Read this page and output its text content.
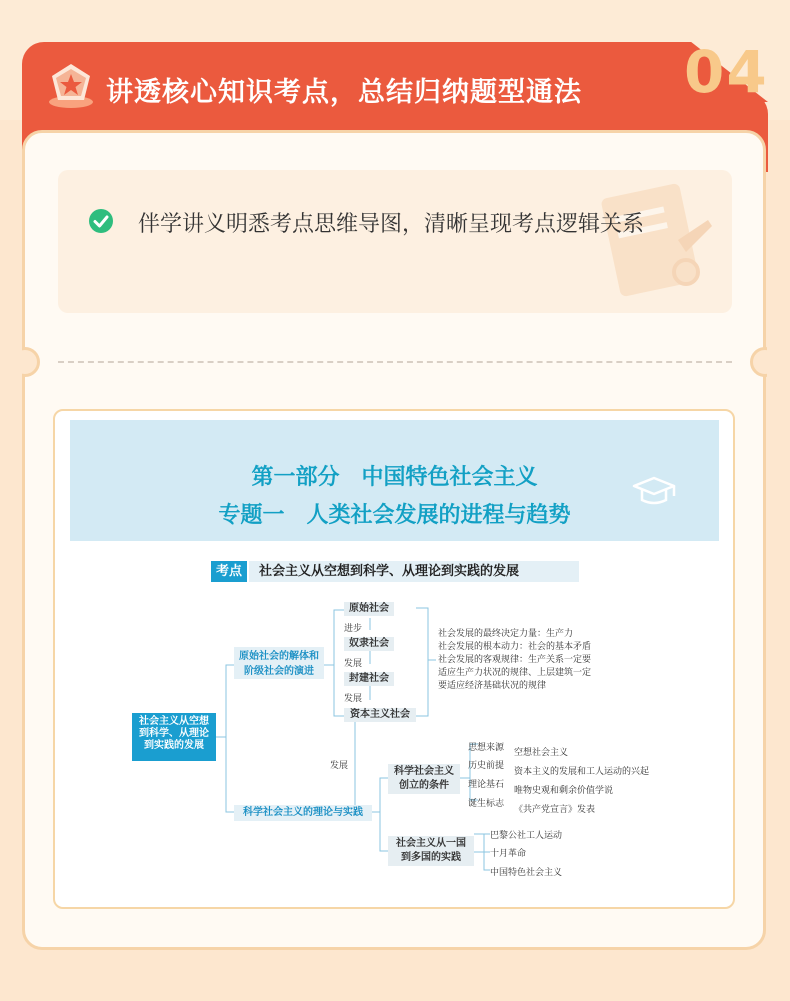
04
讲透核心知识考点，总结归纳题型通法
伴学讲义明悉考点思维导图，清晰呈现考点逻辑关系
第一部分　中国特色社会主义
专题一　人类社会发展的进程与趋势
考点	社会主义从空想到科学、从理论到实践的发展
社会主义从空想
到科学、从理论
到实践的发展
原始社会的解体和
阶级社会的演进
科学社会主义的理论与实践
原始社会
进步
奴隶社会
发展
封建社会
发展
资本主义社会
发展
社会发展的最终决定力量：生产力
社会发展的根本动力：社会的基本矛盾
社会发展的客观规律：生产关系一定要
适应生产力状况的规律、上层建筑一定
要适应经济基础状况的规律
科学社会主义
创立的条件
思想来源
历史前提
理论基石
诞生标志
空想社会主义
资本主义的发展和工人运动的兴起
唯物史观和剩余价值学说
《共产党宣言》发表
社会主义从一国
到多国的实践
巴黎公社工人运动
十月革命
中国特色社会主义
